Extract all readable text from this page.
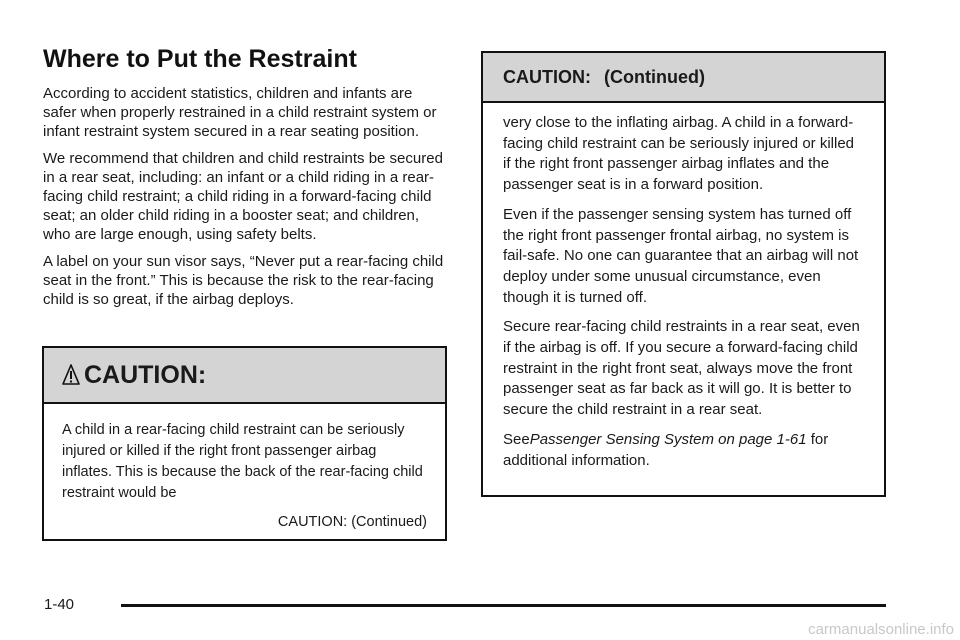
Where to Put the Restraint

According to accident statistics, children and infants are safer when properly restrained in a child restraint system or infant restraint system secured in a rear seating position.

We recommend that children and child restraints be secured in a rear seat, including: an infant or a child riding in a rear-facing child restraint; a child riding in a forward-facing child seat; an older child riding in a booster seat; and children, who are large enough, using safety belts.

A label on your sun visor says, “Never put a rear-facing child seat in the front.” This is because the risk to the rear-facing child is so great, if the airbag deploys.

CAUTION:
A child in a rear-facing child restraint can be seriously injured or killed if the right front passenger airbag inflates. This is because the back of the rear-facing child restraint would be
CAUTION: (Continued)
CAUTION: (Continued)

very close to the inflating airbag. A child in a forward-facing child restraint can be seriously injured or killed if the right front passenger airbag inflates and the passenger seat is in a forward position.

Even if the passenger sensing system has turned off the right front passenger frontal airbag, no system is fail-safe. No one can guarantee that an airbag will not deploy under some unusual circumstance, even though it is turned off.

Secure rear-facing child restraints in a rear seat, even if the airbag is off. If you secure a forward-facing child restraint in the right front seat, always move the front passenger seat as far back as it will go. It is better to secure the child restraint in a rear seat.

SeePassenger Sensing System on page 1-61 for additional information.

1-40
carmanualsonline.info
